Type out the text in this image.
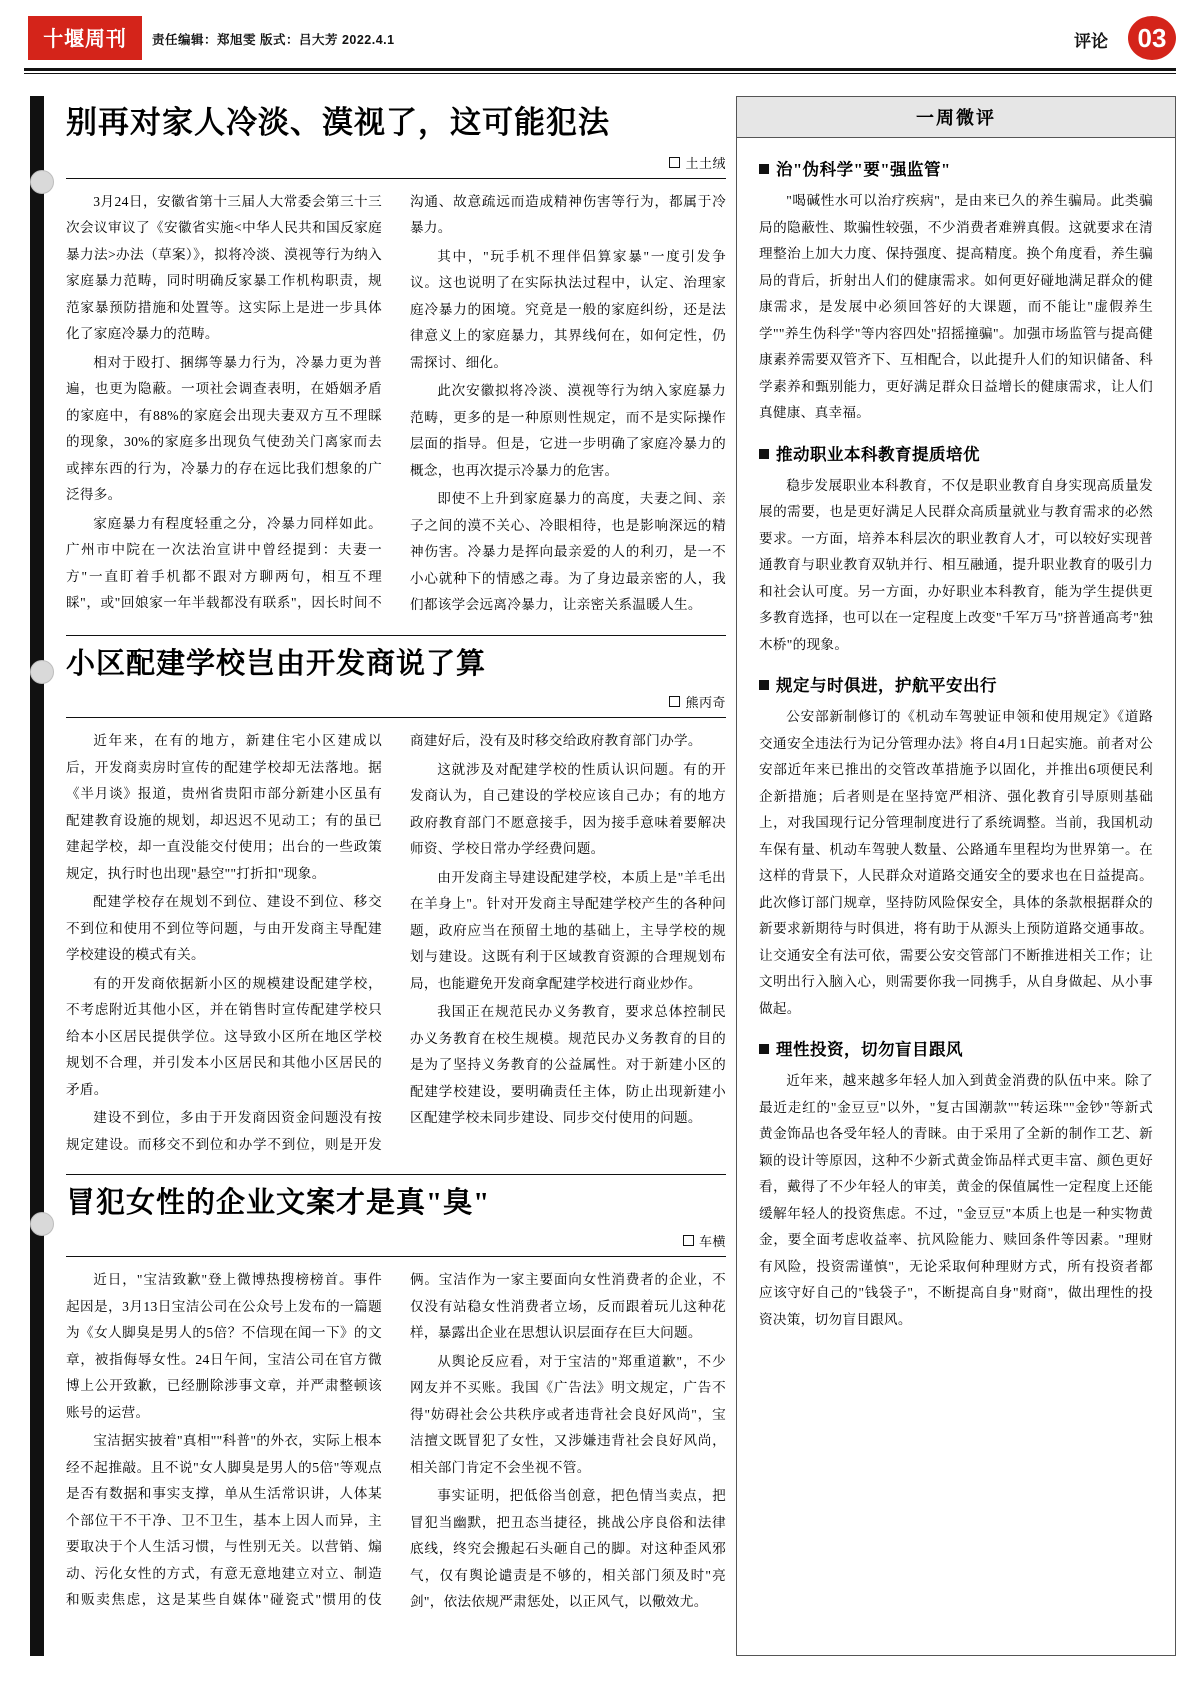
十堰周刊 责任编辑：郑旭雯 版式：吕大芳 2022.4.1	评论	03
别再对家人冷淡、漠视了，这可能犯法
土土绒

3月24日，安徽省第十三届人大常委会第三十三次会议审议了《安徽省实施<中华人民共和国反家庭暴力法>办法（草案）》，拟将冷淡、漠视等行为纳入家庭暴力范畴，同时明确反家暴工作机构职责，规范家暴预防措施和处置等。这实际上是进一步具体化了家庭冷暴力的范畴。

相对于殴打、捆绑等暴力行为，冷暴力更为普遍，也更为隐蔽。一项社会调查表明，在婚姻矛盾的家庭中，有88%的家庭会出现夫妻双方互不理睬的现象，30%的家庭多出现负气使劲关门离家而去或摔东西的行为，冷暴力的存在远比我们想象的广泛得多。

家庭暴力有程度轻重之分，冷暴力同样如此。广州市中院在一次法治宣讲中曾经提到：夫妻一方"一直盯着手机都不跟对方聊两句，相互不理睬"，或"回娘家一年半载都没有联系"，因长时间不沟通、故意疏远而造成精神伤害等行为，都属于冷暴力。

其中，"玩手机不理伴侣算家暴"一度引发争议。这也说明了在实际执法过程中，认定、治理家庭冷暴力的困境。究竟是一般的家庭纠纷，还是法律意义上的家庭暴力，其界线何在，如何定性，仍需探讨、细化。

此次安徽拟将冷淡、漠视等行为纳入家庭暴力范畴，更多的是一种原则性规定，而不是实际操作层面的指导。但是，它进一步明确了家庭冷暴力的概念，也再次提示冷暴力的危害。

即使不上升到家庭暴力的高度，夫妻之间、亲子之间的漠不关心、冷眼相待，也是影响深远的精神伤害。冷暴力是挥向最亲爱的人的利刃，是一不小心就种下的情感之毒。为了身边最亲密的人，我们都该学会远离冷暴力，让亲密关系温暖人生。

小区配建学校岂由开发商说了算
熊丙奇

近年来，在有的地方，新建住宅小区建成以后，开发商卖房时宣传的配建学校却无法落地。据《半月谈》报道，贵州省贵阳市部分新建小区虽有配建教育设施的规划，却迟迟不见动工；有的虽已建起学校，却一直没能交付使用；出台的一些政策规定，执行时也出现"悬空""打折扣"现象。

配建学校存在规划不到位、建设不到位、移交不到位和使用不到位等问题，与由开发商主导配建学校建设的模式有关。

有的开发商依据新小区的规模建设配建学校，不考虑附近其他小区，并在销售时宣传配建学校只给本小区居民提供学位。这导致小区所在地区学校规划不合理，并引发本小区居民和其他小区居民的矛盾。

建设不到位，多由于开发商因资金问题没有按规定建设。而移交不到位和办学不到位，则是开发商建好后，没有及时移交给政府教育部门办学。

这就涉及对配建学校的性质认识问题。有的开发商认为，自己建设的学校应该自己办；有的地方政府教育部门不愿意接手，因为接手意味着要解决师资、学校日常办学经费问题。

由开发商主导建设配建学校，本质上是"羊毛出在羊身上"。针对开发商主导配建学校产生的各种问题，政府应当在预留土地的基础上，主导学校的规划与建设。这既有利于区域教育资源的合理规划布局，也能避免开发商拿配建学校进行商业炒作。

我国正在规范民办义务教育，要求总体控制民办义务教育在校生规模。规范民办义务教育的目的是为了坚持义务教育的公益属性。对于新建小区的配建学校建设，要明确责任主体，防止出现新建小区配建学校未同步建设、同步交付使用的问题。

冒犯女性的企业文案才是真"臭"
车横

近日，"宝洁致歉"登上微博热搜榜榜首。事件起因是，3月13日宝洁公司在公众号上发布的一篇题为《女人脚臭是男人的5倍？不信现在闻一下》的文章，被指侮辱女性。24日午间，宝洁公司在官方微博上公开致歉，已经删除涉事文章，并严肃整顿该账号的运营。

宝洁据实披着"真相""科普"的外衣，实际上根本经不起推敲。且不说"女人脚臭是男人的5倍"等观点是否有数据和事实支撑，单从生活常识讲，人体某个部位干不干净、卫不卫生，基本上因人而异，主要取决于个人生活习惯，与性别无关。以营销、煽动、污化女性的方式，有意无意地建立对立、制造和贩卖焦虑，这是某些自媒体"碰瓷式"惯用的伎俩。宝洁作为一家主要面向女性消费者的企业，不仅没有站稳女性消费者立场，反而跟着玩儿这种花样，暴露出企业在思想认识层面存在巨大问题。

从舆论反应看，对于宝洁的"郑重道歉"，不少网友并不买账。我国《广告法》明文规定，广告不得"妨碍社会公共秩序或者违背社会良好风尚"，宝洁擅文既冒犯了女性，又涉嫌违背社会良好风尚，相关部门肯定不会坐视不管。

事实证明，把低俗当创意，把色情当卖点，把冒犯当幽默，把丑态当捷径，挑战公序良俗和法律底线，终究会搬起石头砸自己的脚。对这种歪风邪气，仅有舆论谴责是不够的，相关部门须及时"亮剑"，依法依规严肃惩处，以正风气，以儆效尤。

一周微评
治"伪科学"要"强监管"
"喝碱性水可以治疗疾病"，是由来已久的养生骗局。此类骗局的隐蔽性、欺骗性较强，不少消费者难辨真假。这就要求在清理整治上加大力度、保持强度、提高精度。换个角度看，养生骗局的背后，折射出人们的健康需求。如何更好碰地满足群众的健康需求，是发展中必须回答好的大课题，而不能让"虚假养生学""养生伪科学"等内容四处"招摇撞骗"。加强市场监管与提高健康素养需要双管齐下、互相配合，以此提升人们的知识储备、科学素养和甄别能力，更好满足群众日益增长的健康需求，让人们真健康、真幸福。
推动职业本科教育提质培优
稳步发展职业本科教育，不仅是职业教育自身实现高质量发展的需要，也是更好满足人民群众高质量就业与教育需求的必然要求。一方面，培养本科层次的职业教育人才，可以较好实现普通教育与职业教育双轨并行、相互融通，提升职业教育的吸引力和社会认可度。另一方面，办好职业本科教育，能为学生提供更多教育选择，也可以在一定程度上改变"千军万马"挤普通高考"独木桥"的现象。
规定与时俱进，护航平安出行
公安部新制修订的《机动车驾驶证申领和使用规定》《道路交通安全违法行为记分管理办法》将自4月1日起实施。前者对公安部近年来已推出的交管改革措施予以固化，并推出6项便民利企新措施；后者则是在坚持宽严相济、强化教育引导原则基础上，对我国现行记分管理制度进行了系统调整。当前，我国机动车保有量、机动车驾驶人数量、公路通车里程均为世界第一。在这样的背景下，人民群众对道路交通安全的要求也在日益提高。此次修订部门规章，坚持防风险保安全，具体的条款根据群众的新要求新期待与时俱进，将有助于从源头上预防道路交通事故。让交通安全有法可依，需要公安交管部门不断推进相关工作；让文明出行入脑入心，则需要你我一同携手，从自身做起、从小事做起。
理性投资，切勿盲目跟风
近年来，越来越多年轻人加入到黄金消费的队伍中来。除了最近走红的"金豆豆"以外，"复古国潮款""转运珠""金钞"等新式黄金饰品也各受年轻人的青睐。由于采用了全新的制作工艺、新颖的设计等原因，这种不少新式黄金饰品样式更丰富、颜色更好看，戴得了不少年轻人的审美，黄金的保值属性一定程度上还能缓解年轻人的投资焦虑。不过，"金豆豆"本质上也是一种实物黄金，要全面考虑收益率、抗风险能力、赎回条件等因素。"理财有风险，投资需谨慎"，无论采取何种理财方式，所有投资者都应该守好自己的"钱袋子"，不断提高自身"财商"，做出理性的投资决策，切勿盲目跟风。
